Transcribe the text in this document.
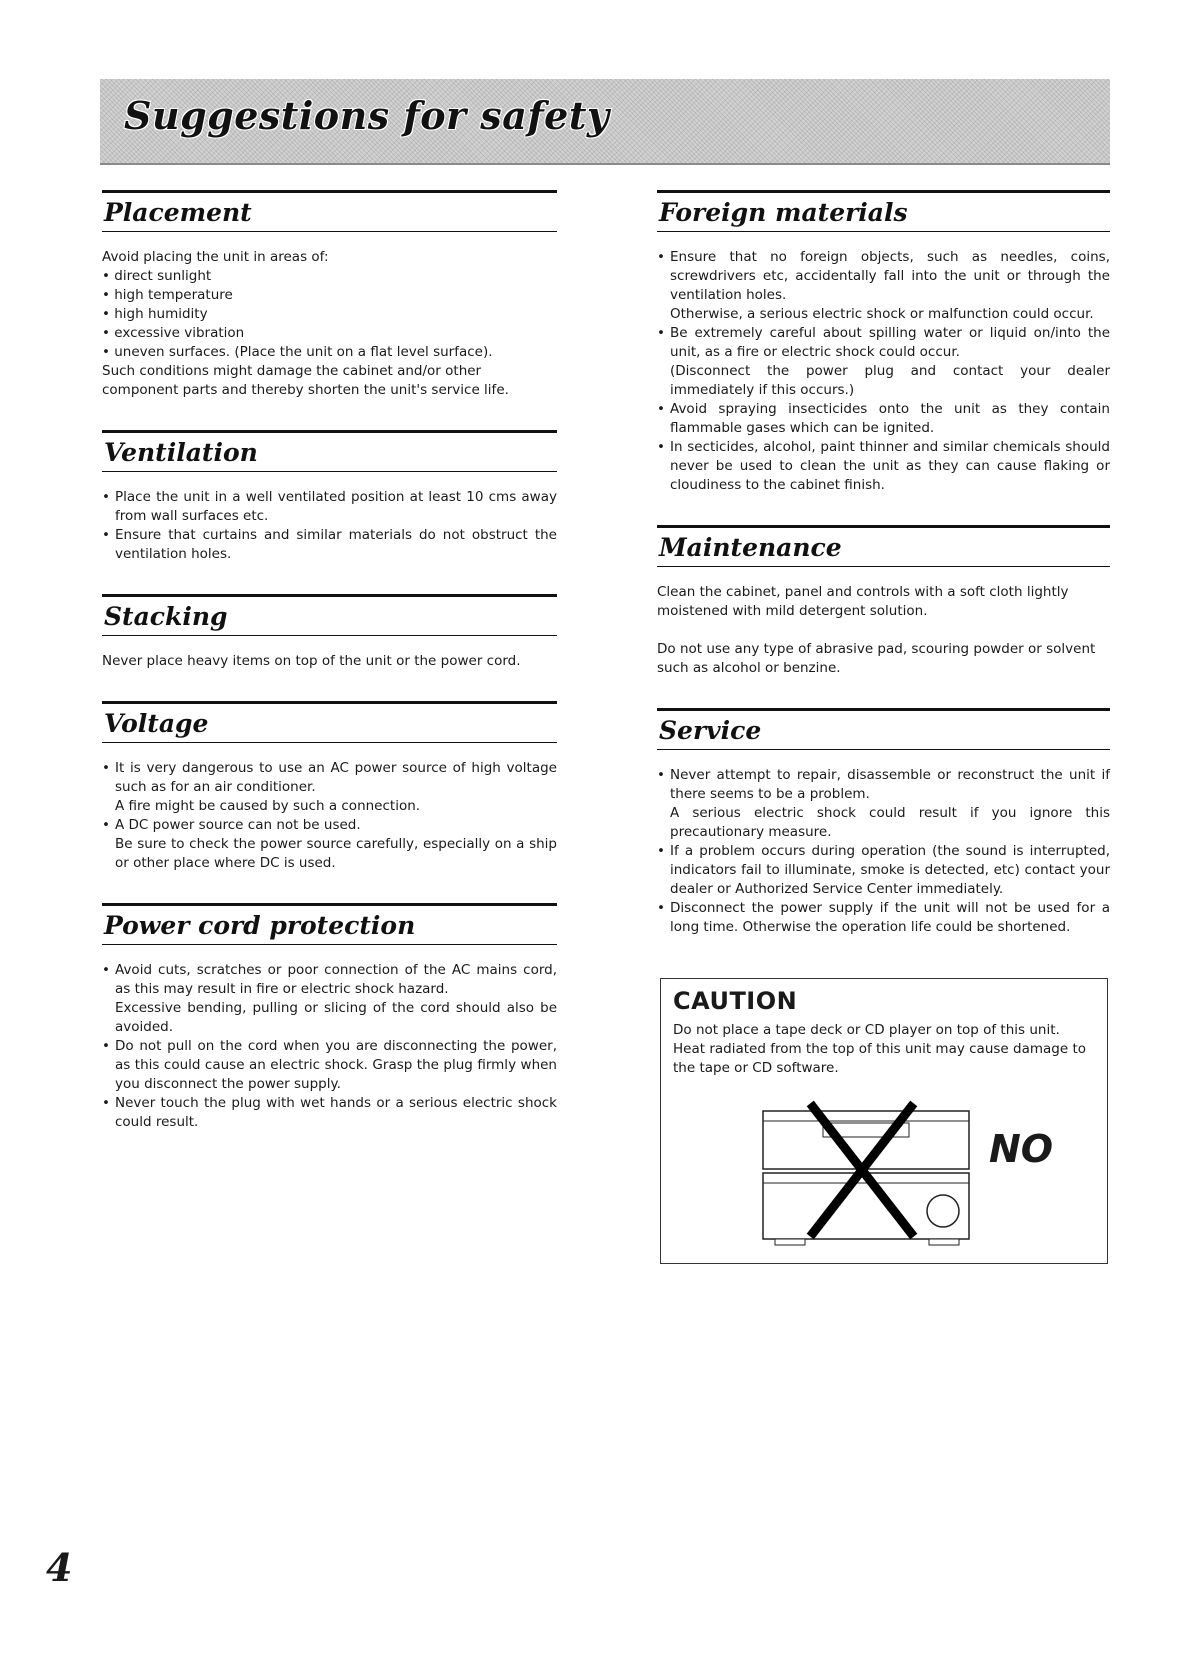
Suggestions for safety
Placement

Avoid placing the unit in areas of:

• direct sunlight
• high temperature
• high humidity
• excessive vibration
• uneven surfaces. (Place the unit on a flat level surface).

Such conditions might damage the cabinet and/or other component parts and thereby shorten the unit's service life.

Ventilation
• Place the unit in a well ventilated position at least 10 cms away from wall surfaces etc.
• Ensure that curtains and similar materials do not obstruct the ventilation holes.
Stacking

Never place heavy items on top of the unit or the power cord.

Voltage
• It is very dangerous to use an AC power source of high voltage such as for an air conditioner.
A fire might be caused by such a connection.
• A DC power source can not be used.
Be sure to check the power source carefully, especially on a ship or other place where DC is used.
Power cord protection
• Avoid cuts, scratches or poor connection of the AC mains cord, as this may result in fire or electric shock hazard.
Excessive bending, pulling or slicing of the cord should also be avoided.
• Do not pull on the cord when you are disconnecting the power, as this could cause an electric shock. Grasp the plug firmly when you disconnect the power supply.
• Never touch the plug with wet hands or a serious electric shock could result.
Foreign materials
• Ensure that no foreign objects, such as needles, coins, screwdrivers etc, accidentally fall into the unit or through the ventilation holes.
Otherwise, a serious electric shock or malfunction could occur.
• Be extremely careful about spilling water or liquid on/into the unit, as a fire or electric shock could occur.
(Disconnect the power plug and contact your dealer immediately if this occurs.)
• Avoid spraying insecticides onto the unit as they contain flammable gases which can be ignited.
• In secticides, alcohol, paint thinner and similar chemicals should never be used to clean the unit as they can cause flaking or cloudiness to the cabinet finish.
Maintenance

Clean the cabinet, panel and controls with a soft cloth lightly moistened with mild detergent solution.

Do not use any type of abrasive pad, scouring powder or solvent such as alcohol or benzine.

Service
• Never attempt to repair, disassemble or reconstruct the unit if there seems to be a problem.
A serious electric shock could result if you ignore this precautionary measure.
• If a problem occurs during operation (the sound is interrupted, indicators fail to illuminate, smoke is detected, etc) contact your dealer or Authorized Service Center immediately.
• Disconnect the power supply if the unit will not be used for a long time. Otherwise the operation life could be shortened.
CAUTION

Do not place a tape deck or CD player on top of this unit.

Heat radiated from the top of this unit may cause damage to the tape or CD software.

NO

4
